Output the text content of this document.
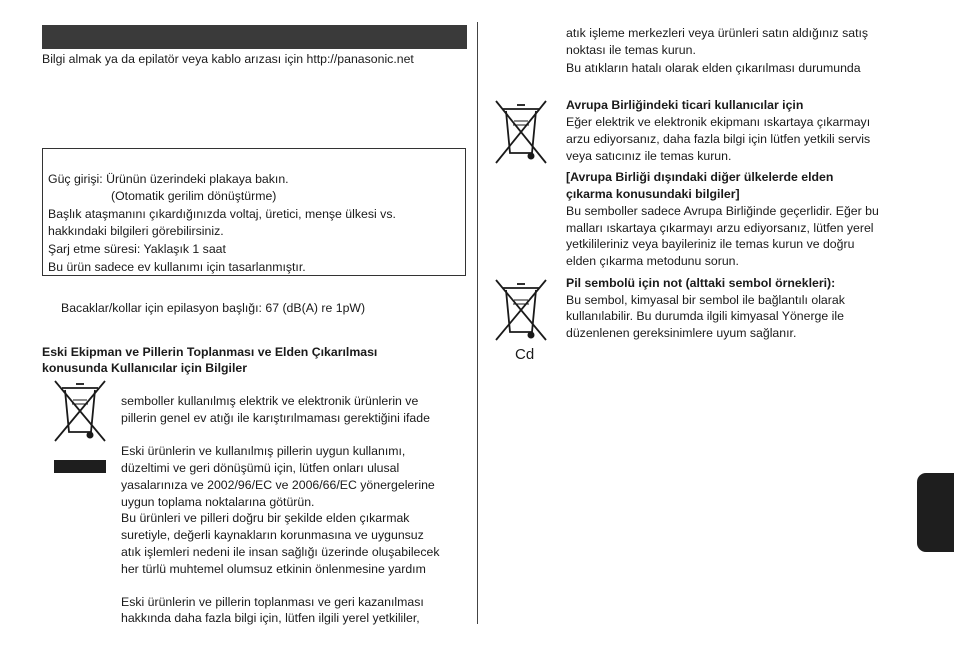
Bilgi almak ya da epilatör veya kablo arızası için http://panasonic.net
Güç girişi: Ürünün üzerindeki plakaya bakın.
(Otomatik gerilim dönüştürme)
Başlık ataşmanını çıkardığınızda voltaj, üretici, menşe ülkesi vs.
hakkındaki bilgileri görebilirsiniz.
Şarj etme süresi: Yaklaşık 1 saat
Bu ürün sadece ev kullanımı için tasarlanmıştır.
Bacaklar/kollar için epilasyon başlığı: 67 (dB(A) re 1pW)
Eski Ekipman ve Pillerin Toplanması ve Elden Çıkarılması
konusunda Kullanıcılar için Bilgiler
semboller kullanılmış elektrik ve elektronik ürünlerin ve
pillerin genel ev atığı ile karıştırılmaması gerektiğini ifade
Eski ürünlerin ve kullanılmış pillerin uygun kullanımı,
düzeltimi ve geri dönüşümü için, lütfen onları ulusal
yasalarınıza ve 2002/96/EC ve 2006/66/EC yönergelerine
uygun toplama noktalarına götürün.
Bu ürünleri ve pilleri doğru bir şekilde elden çıkarmak
suretiyle, değerli kaynakların korunmasına ve uygunsuz
atık işlemleri nedeni ile insan sağlığı üzerinde oluşabilecek
her türlü muhtemel olumsuz etkinin önlenmesine yardım
Eski ürünlerin ve pillerin toplanması ve geri kazanılması
hakkında daha fazla bilgi için, lütfen ilgili yerel yetkililer,
atık işleme merkezleri veya ürünleri satın aldığınız satış
noktası ile temas kurun.
Bu atıkların hatalı olarak elden çıkarılması durumunda
Avrupa Birliğindeki ticari kullanıcılar için
Eğer elektrik ve elektronik ekipmanı ıskartaya çıkarmayı
arzu ediyorsanız, daha fazla bilgi için lütfen yetkili servis
veya satıcınız ile temas kurun.
[Avrupa Birliği dışındaki diğer ülkelerde elden
çıkarma konusundaki bilgiler]
Bu semboller sadece Avrupa Birliğinde geçerlidir. Eğer bu
malları ıskartaya çıkarmayı arzu ediyorsanız, lütfen yerel
yetkilileriniz veya bayileriniz ile temas kurun ve doğru
elden çıkarma metodunu sorun.
Cd
Pil sembolü için not (alttaki sembol örnekleri):
Bu sembol, kimyasal bir sembol ile bağlantılı olarak
kullanılabilir. Bu durumda ilgili kimyasal Yönerge ile
düzenlenen gereksinimlere uyum sağlanır.
